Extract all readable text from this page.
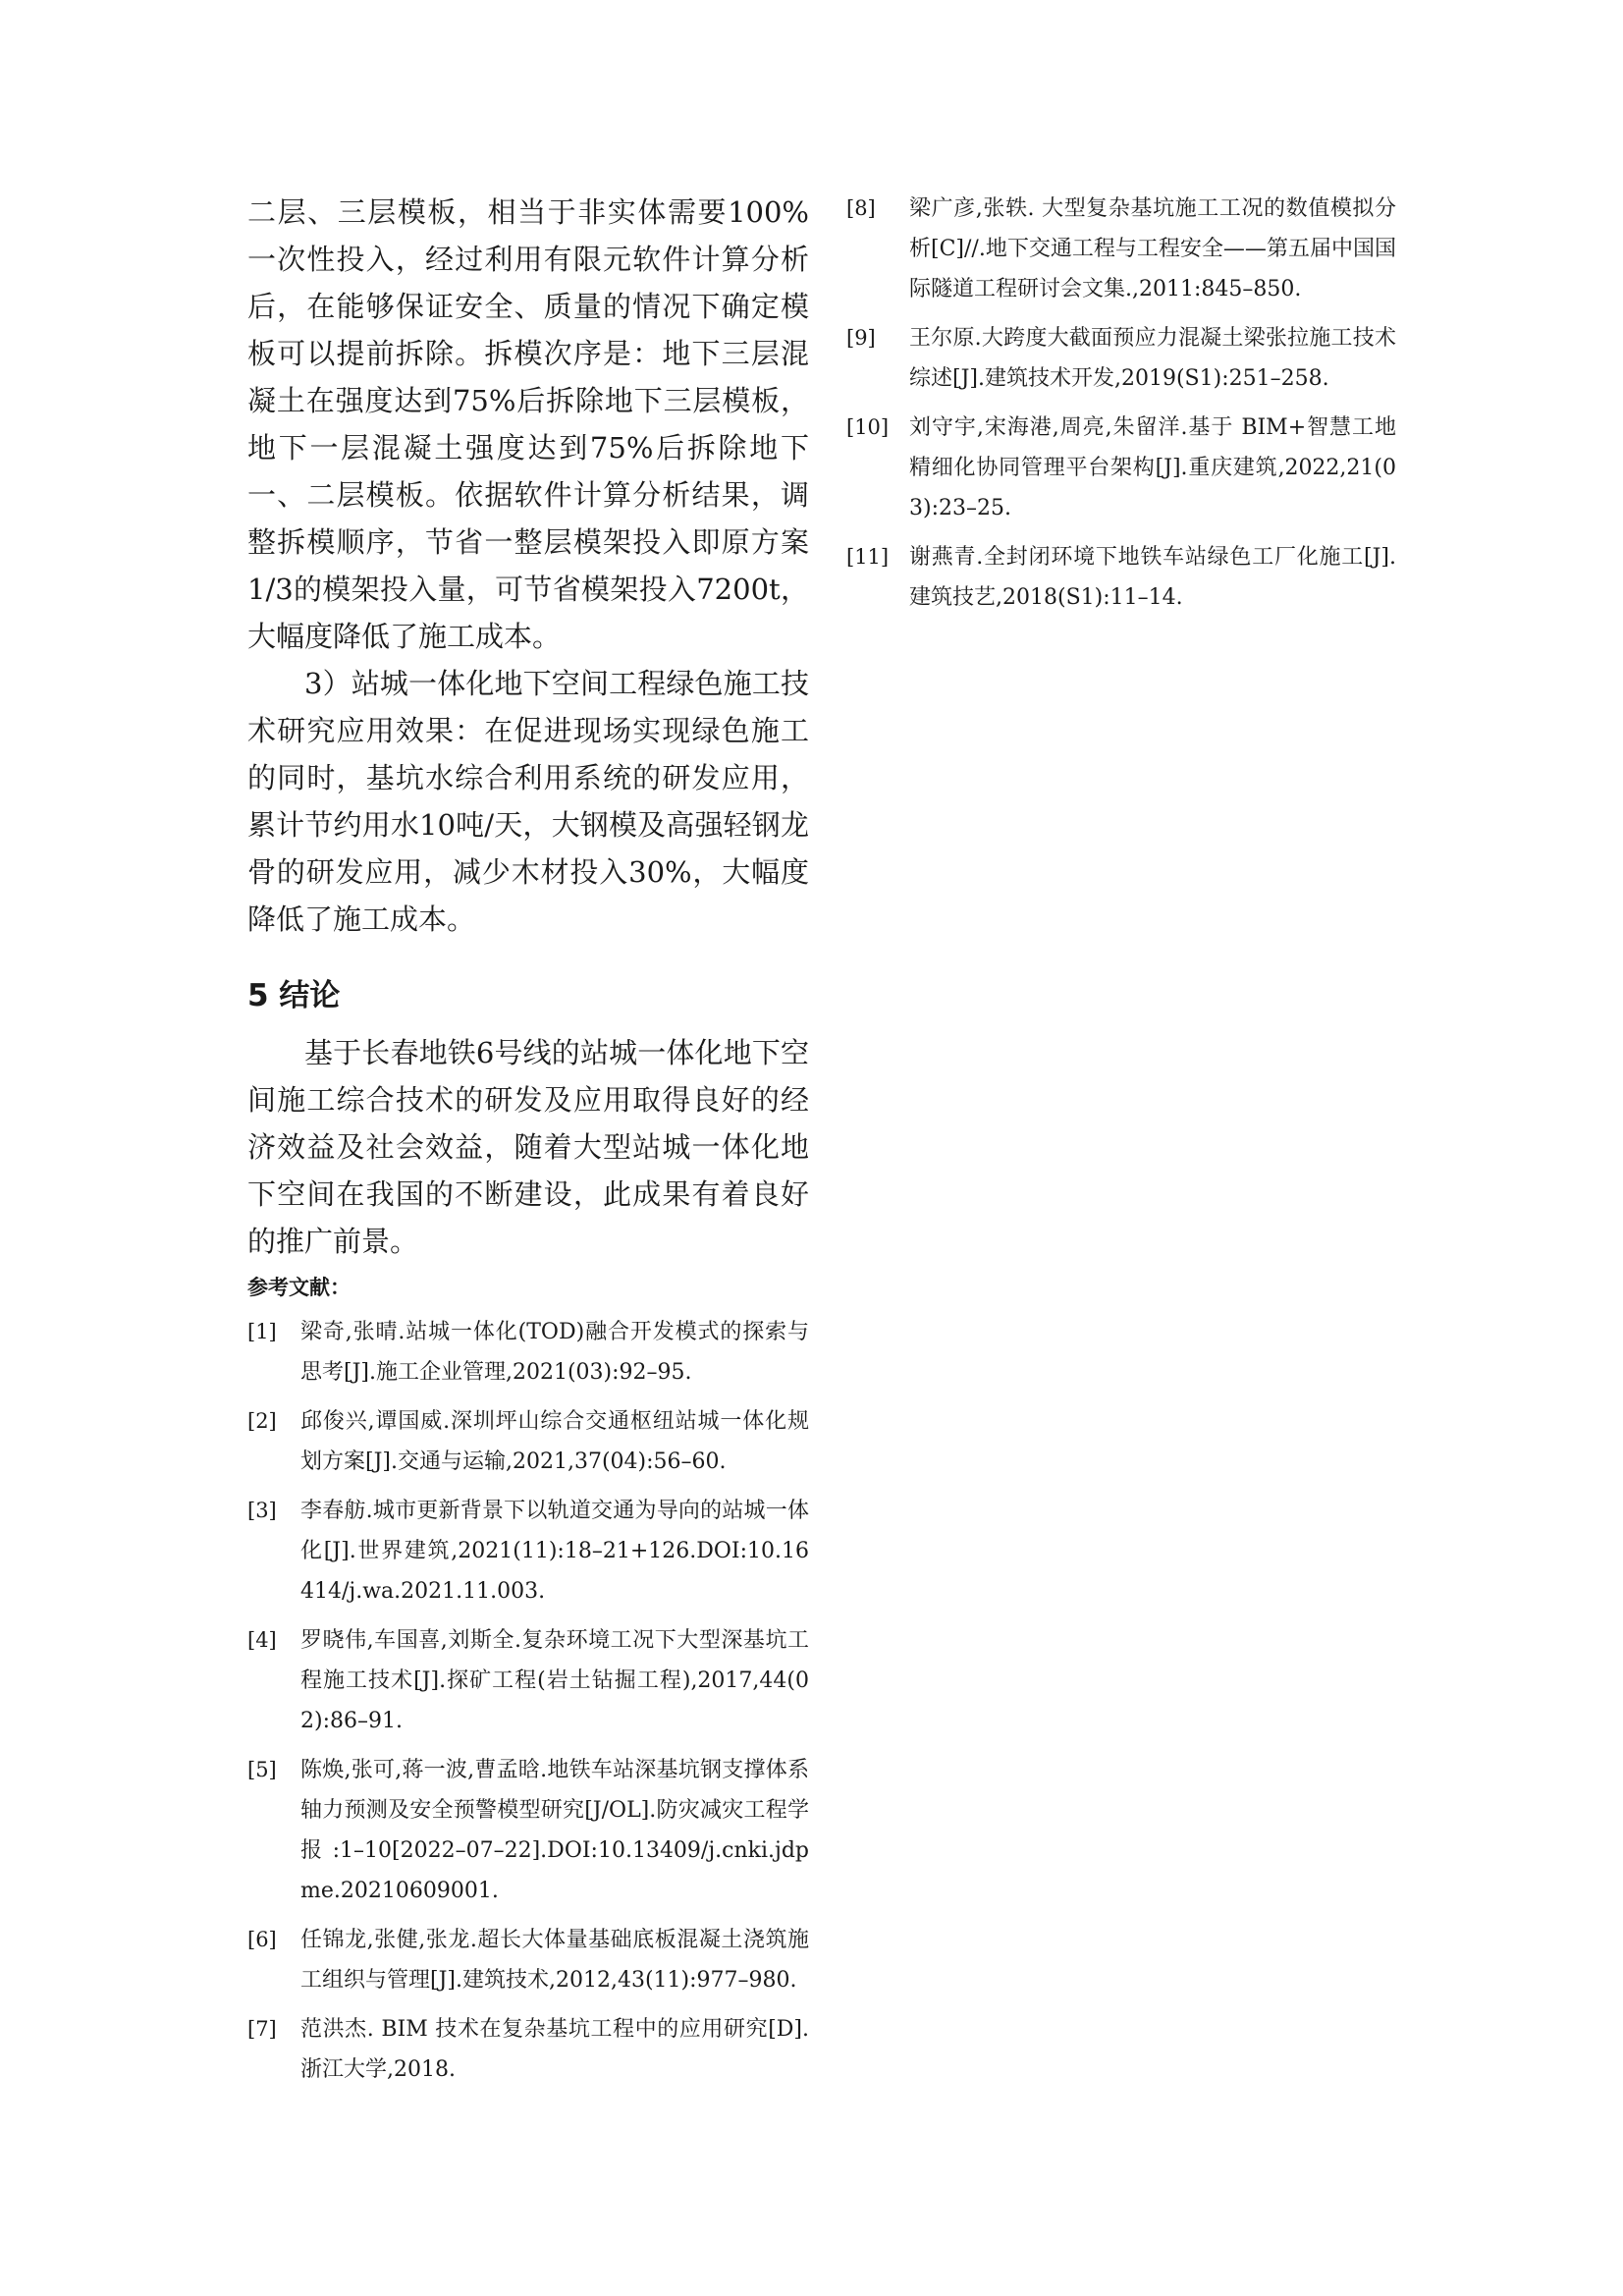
二层、三层模板，相当于非实体需要100%一次性投入，经过利用有限元软件计算分析后，在能够保证安全、质量的情况下确定模板可以提前拆除。拆模次序是：地下三层混凝土在强度达到75%后拆除地下三层模板，地下一层混凝土强度达到75%后拆除地下一、二层模板。依据软件计算分析结果，调整拆模顺序，节省一整层模架投入即原方案1/3的模架投入量，可节省模架投入7200t，大幅度降低了施工成本。

3）站城一体化地下空间工程绿色施工技术研究应用效果：在促进现场实现绿色施工的同时，基坑水综合利用系统的研发应用，累计节约用水10吨/天，大钢模及高强轻钢龙骨的研发应用，减少木材投入30%，大幅度降低了施工成本。

5 结论

基于长春地铁6号线的站城一体化地下空间施工综合技术的研发及应用取得良好的经济效益及社会效益，随着大型站城一体化地下空间在我国的不断建设，此成果有着良好的推广前景。

参考文献：
[1]	梁奇,张晴.站城一体化(TOD)融合开发模式的探索与思考[J].施工企业管理,2021(03):92–95.
[2]	邱俊兴,谭国威.深圳坪山综合交通枢纽站城一体化规划方案[J].交通与运输,2021,37(04):56–60.
[3]	李春舫.城市更新背景下以轨道交通为导向的站城一体化[J].世界建筑,2021(11):18–21+126.DOI:10.16414/j.wa.2021.11.003.
[4]	罗晓伟,车国喜,刘斯全.复杂环境工况下大型深基坑工程施工技术[J].探矿工程(岩土钻掘工程),2017,44(02):86–91.
[5]	陈焕,张可,蒋一波,曹孟晗.地铁车站深基坑钢支撑体系轴力预测及安全预警模型研究[J/OL].防灾减灾工程学报:1–10[2022–07–22].DOI:10.13409/j.cnki.jdpme.20210609001.
[6]	任锦龙,张健,张龙.超长大体量基础底板混凝土浇筑施工组织与管理[J].建筑技术,2012,43(11):977–980.
[7]	范洪杰. BIM 技术在复杂基坑工程中的应用研究[D].浙江大学,2018.
[8]	梁广彦,张轶. 大型复杂基坑施工工况的数值模拟分析[C]//.地下交通工程与工程安全——第五届中国国际隧道工程研讨会文集.,2011:845–850.
[9]	王尔原.大跨度大截面预应力混凝土梁张拉施工技术综述[J].建筑技术开发,2019(S1):251–258.
[10] 刘守宇,宋海港,周亮,朱留洋.基于 BIM+智慧工地精细化协同管理平台架构[J].重庆建筑,2022,21(03):23–25.
[11] 谢燕青.全封闭环境下地铁车站绿色工厂化施工[J].建筑技艺,2018(S1):11–14.
